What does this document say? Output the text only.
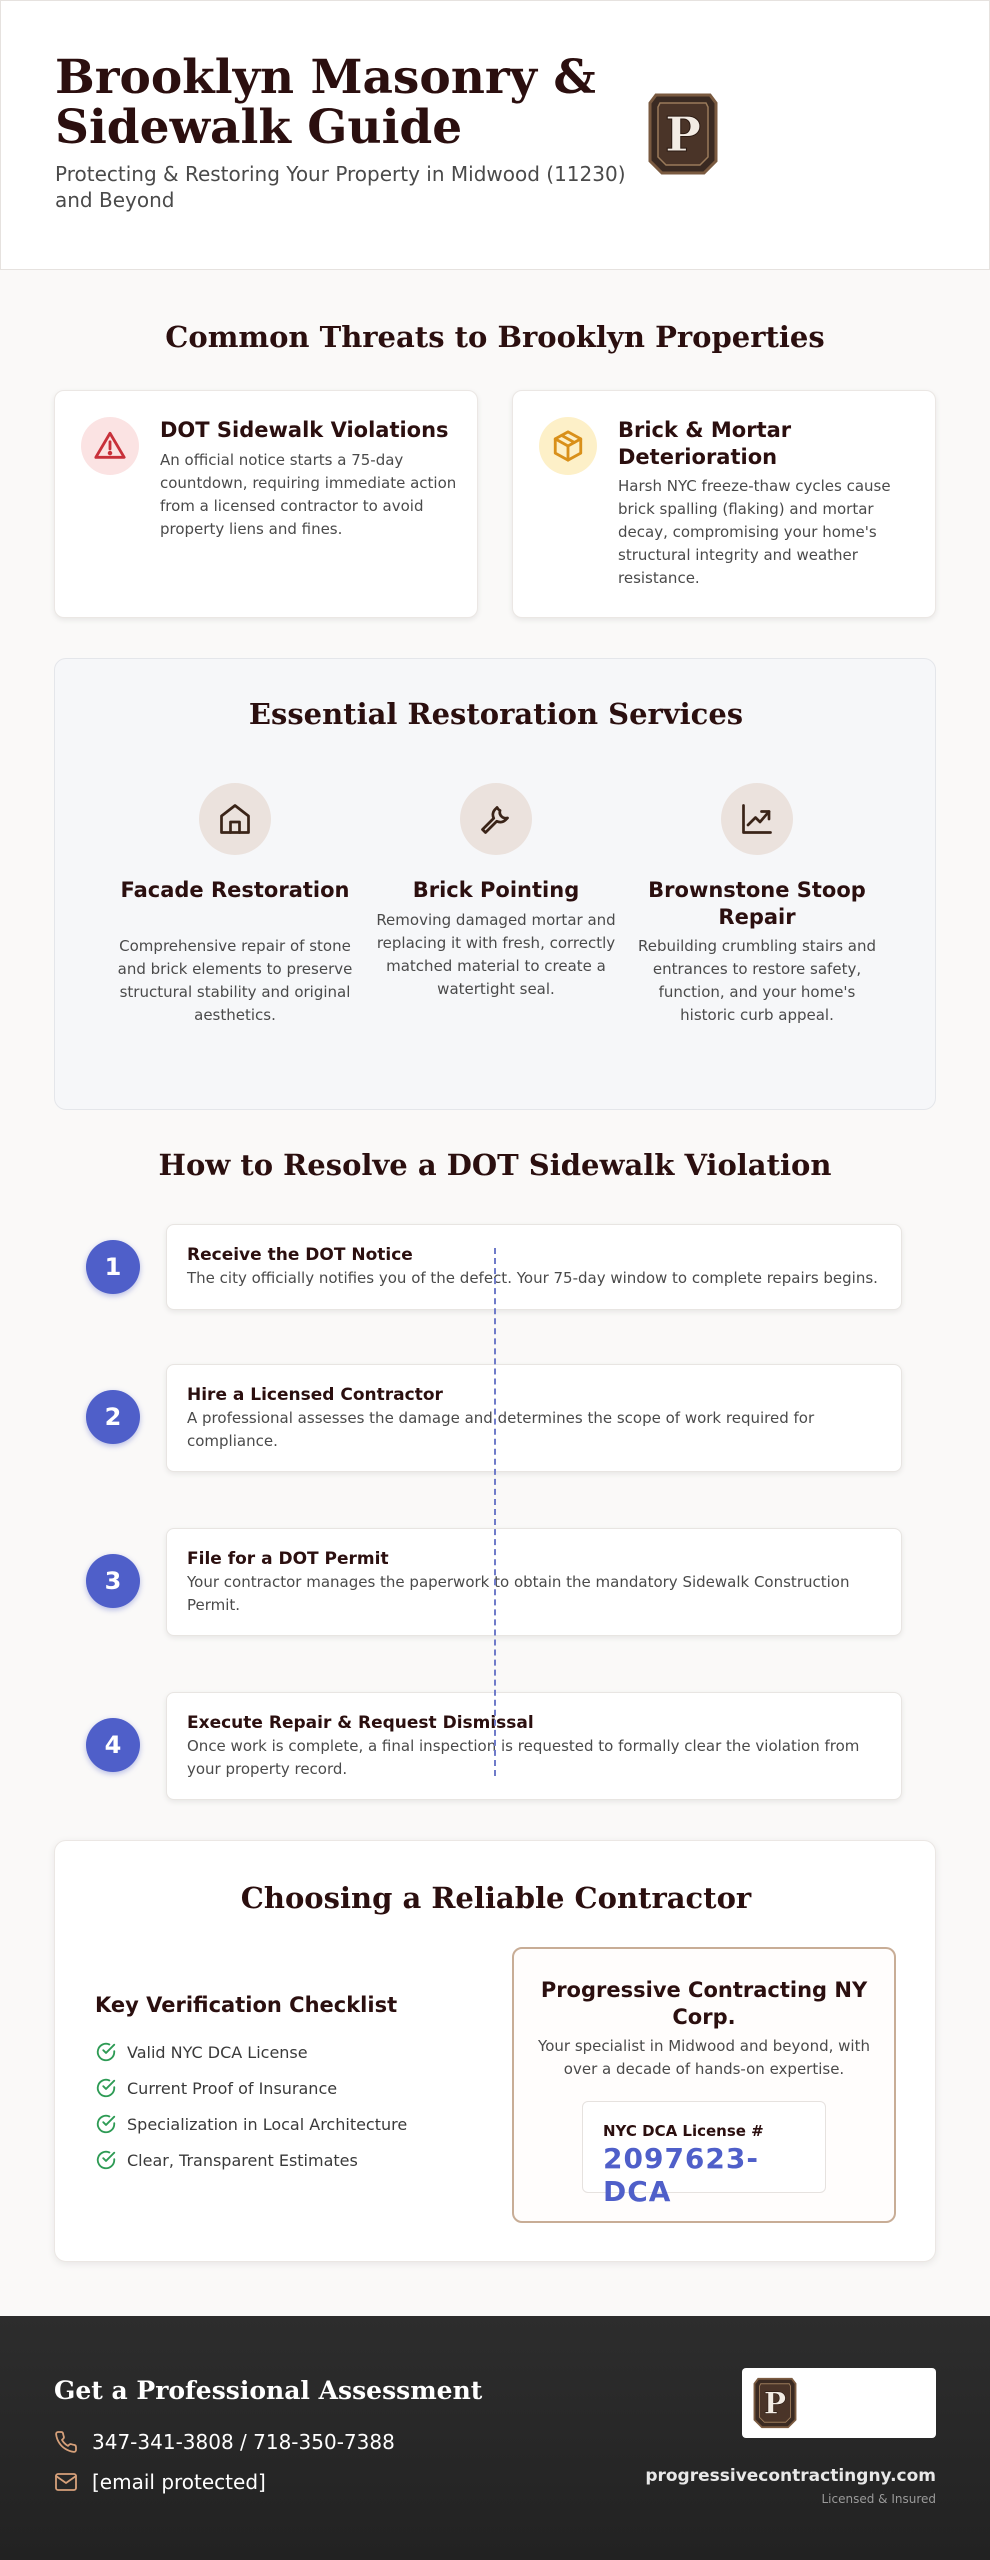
Brooklyn Masonry & Sidewalk Guide
Protecting & Restoring Your Property in Midwood (11230) and Beyond
P
Common Threats to Brooklyn Properties
DOT Sidewalk Violations
An official notice starts a 75-day countdown, requiring immediate action from a licensed contractor to avoid property liens and fines.
Brick & Mortar Deterioration
Harsh NYC freeze-thaw cycles cause brick spalling (flaking) and mortar decay, compromising your home's structural integrity and weather resistance.
Essential Restoration Services
Facade Restoration
Comprehensive repair of stone and brick elements to preserve structural stability and original aesthetics.
Brick Pointing
Removing damaged mortar and replacing it with fresh, correctly matched material to create a watertight seal.
Brownstone Stoop Repair
Rebuilding crumbling stairs and entrances to restore safety, function, and your home's historic curb appeal.
How to Resolve a DOT Sidewalk Violation
1	Receive the DOT Notice
The city officially notifies you of the defect. Your 75-day window to complete repairs begins.
2
Hire a Licensed Contractor
A professional assesses the damage and determines the scope of work required for compliance.
3
File for a DOT Permit
Your contractor manages the paperwork to obtain the mandatory Sidewalk Construction Permit.
4
Execute Repair & Request Dismissal
Once work is complete, a final inspection is requested to formally clear the violation from your property record.
Choosing a Reliable Contractor
Key Verification Checklist
Valid NYC DCA License
Current Proof of Insurance
Specialization in Local Architecture
Clear, Transparent Estimates
Progressive Contracting NY Corp.
Your specialist in Midwood and beyond, with over a decade of hands-on expertise.
NYC DCA License #
2097623-DCA
Get a Professional Assessment
347-341-3808 / 718-350-7388
[email protected]
P
progressivecontractingny.com
Licensed & Insured
